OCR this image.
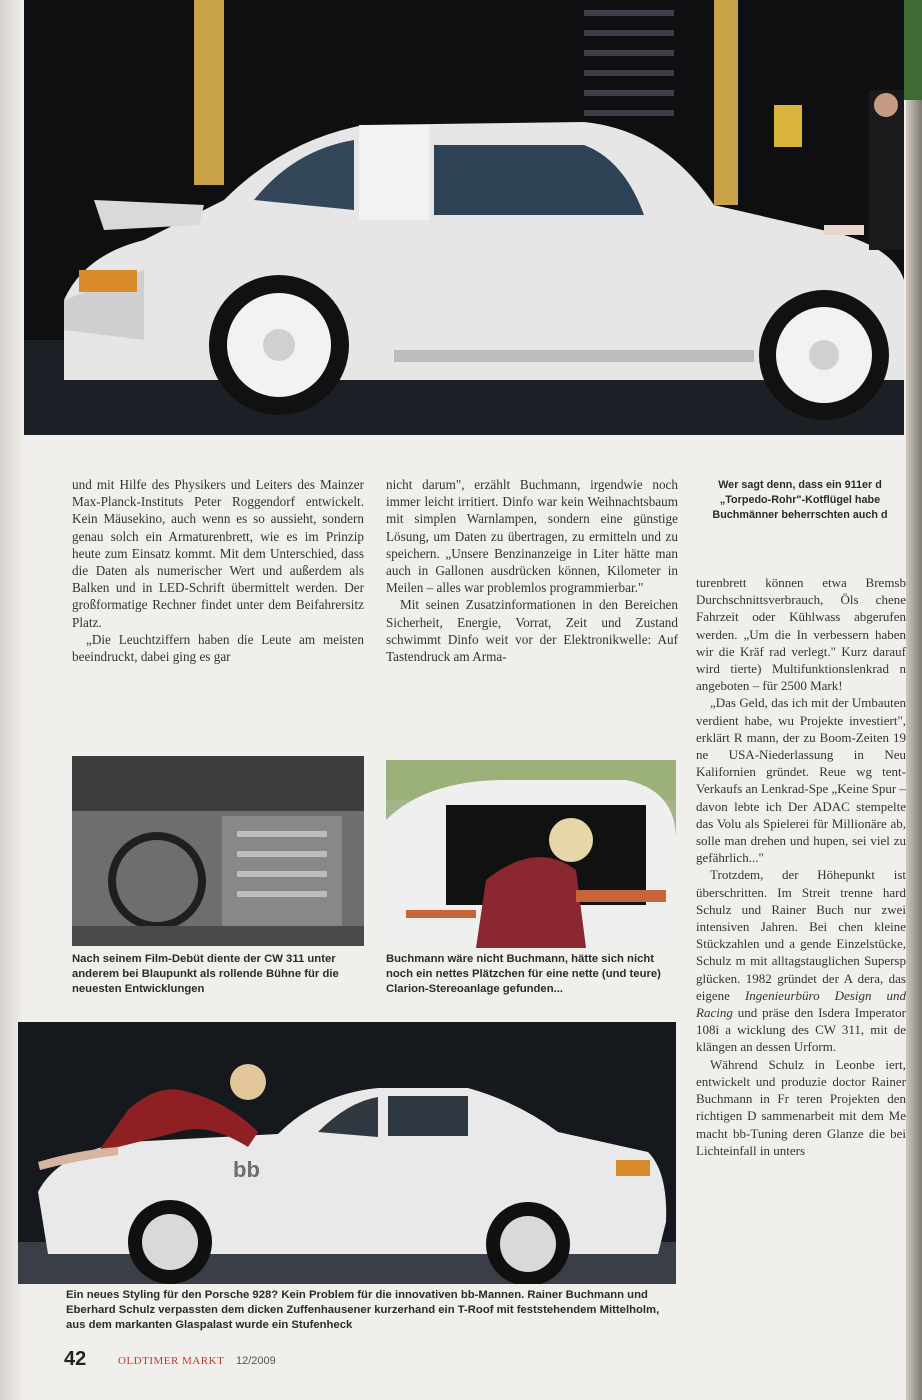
und mit Hilfe des Physikers und Leiters des Mainzer Max-Planck-Instituts Peter Roggendorf entwickelt. Kein Mäusekino, auch wenn es so aussieht, sondern genau solch ein Armaturenbrett, wie es im Prinzip heute zum Einsatz kommt. Mit dem Unterschied, dass die Daten als numerischer Wert und außerdem als Balken und in LED-Schrift übermittelt werden. Der großformatige Rechner findet unter dem Beifahrersitz Platz.

„Die Leuchtziffern haben die Leute am meisten beeindruckt, dabei ging es gar

nicht darum", erzählt Buchmann, irgendwie noch immer leicht irritiert. Dinfo war kein Weihnachtsbaum mit simplen Warnlampen, sondern eine günstige Lösung, um Daten zu übertragen, zu ermitteln und zu speichern. „Unsere Benzinanzeige in Liter hätte man auch in Gallonen ausdrücken können, Kilometer in Meilen – alles war problemlos programmierbar."

Mit seinen Zusatzinformationen in den Bereichen Sicherheit, Energie, Vorrat, Zeit und Zustand schwimmt Dinfo weit vor der Elektronikwelle: Auf Tastendruck am Arma-

Wer sagt denn, dass ein 911er d „Torpedo-Rohr"-Kotflügel habe Buchmänner beherrschten auch d

turenbrett können etwa Bremsb Durchschnittsverbrauch, Öls chene Fahrzeit oder Kühlwass abgerufen werden. „Um die In verbessern haben wir die Kräf rad verlegt." Kurz darauf wird tierte) Multifunktionslenkrad n angeboten – für 2500 Mark!

„Das Geld, das ich mit der Umbauten verdient habe, wu Projekte investiert", erklärt R mann, der zu Boom-Zeiten 19 ne USA-Niederlassung in Neu Kalifornien gründet. Reue wg tent-Verkaufs an Lenkrad-Spe „Keine Spur – davon lebte ich Der ADAC stempelte das Volu als Spielerei für Millionäre ab, solle man drehen und hupen, sei viel zu gefährlich..."

Trotzdem, der Höhepunkt ist überschritten. Im Streit trenne hard Schulz und Rainer Buch nur zwei intensiven Jahren. Bei chen kleine Stückzahlen und a gende Einzelstücke, Schulz m mit alltagstauglichen Supersp glücken. 1982 gründet der A dera, das eigene Ingenieurbüro Design und Racing und präse den Isdera Imperator 108i a wicklung des CW 311, mit de klängen an dessen Urform.

Während Schulz in Leonbe iert, entwickelt und produzie doctor Rainer Buchmann in Fr teren Projekten den richtigen D sammenarbeit mit dem Me macht bb-Tuning deren Glanze die bei Lichteinfall in unters

Nach seinem Film-Debüt diente der CW 311 unter anderem bei Blaupunkt als rollende Bühne für die neuesten Entwicklungen
Buchmann wäre nicht Buchmann, hätte sich nicht noch ein nettes Plätzchen für eine nette (und teure) Clarion-Stereoanlage gefunden...
bb
Ein neues Styling für den Porsche 928? Kein Problem für die innovativen bb-Mannen. Rainer Buchmann und Eberhard Schulz verpassten dem dicken Zuffenhausener kurzerhand ein T-Roof mit feststehendem Mittelholm, aus dem markanten Glaspalast wurde ein Stufenheck
42	OLDTIMER MARKT 12/2009
